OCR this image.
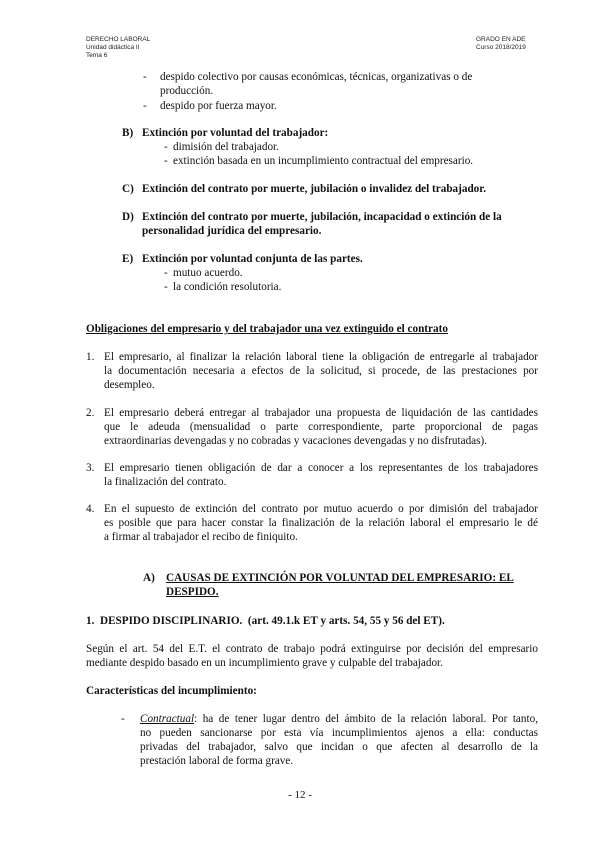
DERECHO LABORAL
Unidad didáctica II
Tema 6
GRADO EN ADE
Curso 2018/2019
- despido colectivo por causas económicas, técnicas, organizativas o de
producción.
- despido por fuerza mayor.
B) Extinción por voluntad del trabajador:
- dimisión del trabajador.
- extinción basada en un incumplimiento contractual del empresario.
C) Extinción del contrato por muerte, jubilación o invalidez del trabajador.
D) Extinción del contrato por muerte, jubilación, incapacidad o extinción de la
personalidad jurídica del empresario.
E) Extinción por voluntad conjunta de las partes.
- mutuo acuerdo.
- la condición resolutoria.
Obligaciones del empresario y del trabajador una vez extinguido el contrato
1. El empresario, al finalizar la relación laboral tiene la obligación de entregarle al trabajador
la documentación necesaria a efectos de la solicitud, si procede, de las prestaciones por
desempleo.
2. El empresario deberá entregar al trabajador una propuesta de liquidación de las cantidades
que le adeuda (mensualidad o parte correspondiente, parte proporcional de pagas
extraordinarias devengadas y no cobradas y vacaciones devengadas y no disfrutadas).
3. El empresario tienen obligación de dar a conocer a los representantes de los trabajadores
la finalización del contrato.
4. En el supuesto de extinción del contrato por mutuo acuerdo o por dimisión del trabajador
es posible que para hacer constar la finalización de la relación laboral el empresario le dé
a firmar al trabajador el recibo de finiquito.
A) CAUSAS DE EXTINCIÓN POR VOLUNTAD DEL EMPRESARIO: EL
DESPIDO.
1.  DESPIDO DISCIPLINARIO.  (art. 49.1.k ET y arts. 54, 55 y 56 del ET).
Según el art. 54 del E.T. el contrato de trabajo podrá extinguirse por decisión del empresario
mediante despido basado en un incumplimiento grave y culpable del trabajador.
Características del incumplimiento:
- Contractual: ha de tener lugar dentro del ámbito de la relación laboral. Por tanto,
no pueden sancionarse por esta vía incumplimientos ajenos a ella: conductas
privadas del trabajador, salvo que incidan o que afecten al desarrollo de la
prestación laboral de forma grave.
- 12 -
